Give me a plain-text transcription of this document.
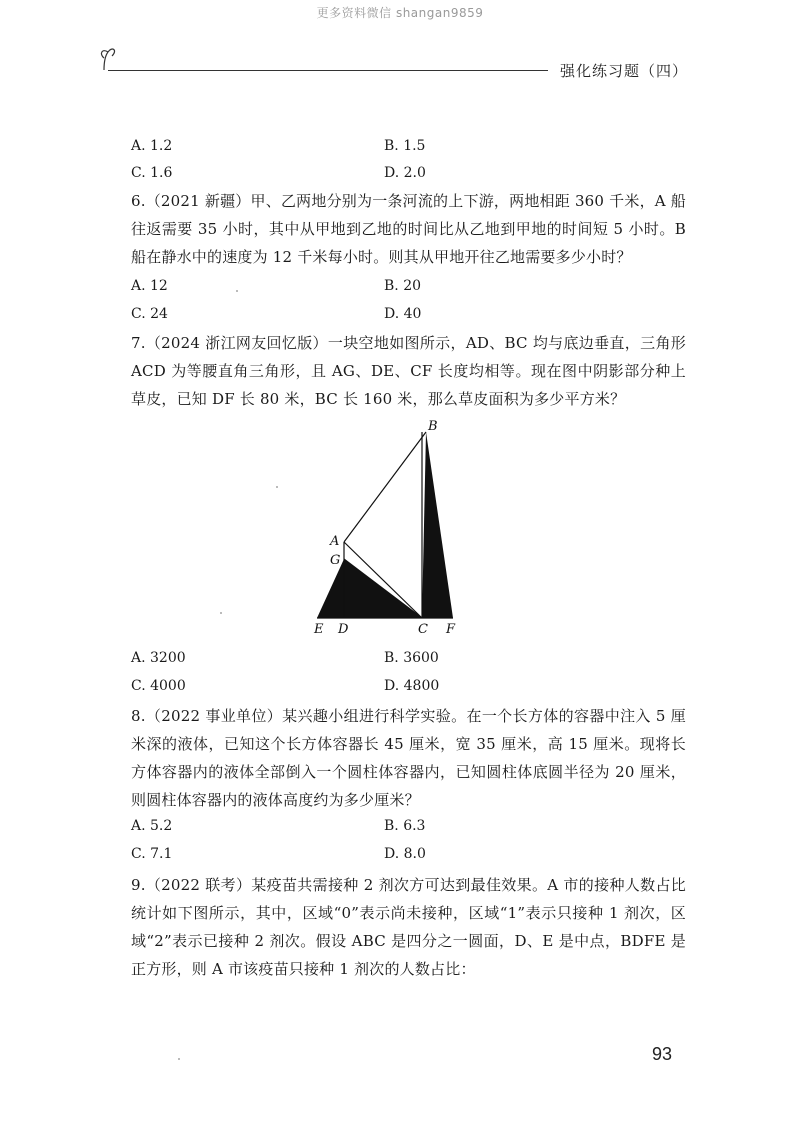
更多资料微信 shangan9859
强化练习题（四）
A. 1.2	B. 1.5
C. 1.6	D. 2.0
6.（2021 新疆）甲、乙两地分别为一条河流的上下游，两地相距 360 千米，A 船往返需要 35 小时，其中从甲地到乙地的时间比从乙地到甲地的时间短 5 小时。B 船在静水中的速度为 12 千米每小时。则其从甲地开往乙地需要多少小时？
A. 12	B. 20
C. 24	D. 40
7.（2024 浙江网友回忆版）一块空地如图所示，AD、BC 均与底边垂直，三角形 ACD 为等腰直角三角形，且 AG、DE、CF 长度均相等。现在图中阴影部分种上草皮，已知 DF 长 80 米，BC 长 160 米，那么草皮面积为多少平方米？
B
A
G
E D	C F
A. 3200	B. 3600
C. 4000	D. 4800
8.（2022 事业单位）某兴趣小组进行科学实验。在一个长方体的容器中注入 5 厘米深的液体，已知这个长方体容器长 45 厘米，宽 35 厘米，高 15 厘米。现将长方体容器内的液体全部倒入一个圆柱体容器内，已知圆柱体底圆半径为 20 厘米，则圆柱体容器内的液体高度约为多少厘米？
A. 5.2	B. 6.3
C. 7.1	D. 8.0
9.（2022 联考）某疫苗共需接种 2 剂次方可达到最佳效果。A 市的接种人数占比统计如下图所示，其中，区域“0”表示尚未接种，区域“1”表示只接种 1 剂次，区域“2”表示已接种 2 剂次。假设 ABC 是四分之一圆面，D、E 是中点，BDFE 是正方形，则 A 市该疫苗只接种 1 剂次的人数占比：
93
